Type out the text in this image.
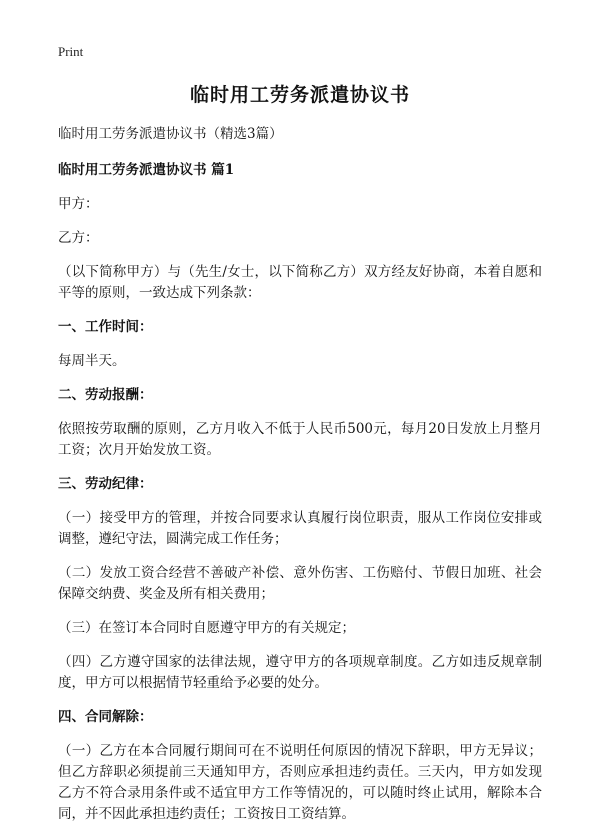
Print
临时用工劳务派遣协议书
临时用工劳务派遣协议书（精选3篇）
临时用工劳务派遣协议书 篇1
甲方：
乙方：
（以下简称甲方）与（先生/女士，以下简称乙方）双方经友好协商，本着自愿和平等的原则，一致达成下列条款：
一、工作时间：
每周半天。
二、劳动报酬：
依照按劳取酬的原则，乙方月收入不低于人民币500元，每月20日发放上月整月工资；次月开始发放工资。
三、劳动纪律：
（一）接受甲方的管理，并按合同要求认真履行岗位职责，服从工作岗位安排或调整，遵纪守法，圆满完成工作任务；
（二）发放工资合经营不善破产补偿、意外伤害、工伤赔付、节假日加班、社会保障交纳费、奖金及所有相关费用；
（三）在签订本合同时自愿遵守甲方的有关规定；
（四）乙方遵守国家的法律法规，遵守甲方的各项规章制度。乙方如违反规章制度，甲方可以根据情节轻重给予必要的处分。
四、合同解除：
（一）乙方在本合同履行期间可在不说明任何原因的情况下辞职，甲方无异议；但乙方辞职必须提前三天通知甲方，否则应承担违约责任。三天内，甲方如发现乙方不符合录用条件或不适宜甲方工作等情况的，可以随时终止试用，解除本合同，并不因此承担违约责任；工资按日工资结算。
